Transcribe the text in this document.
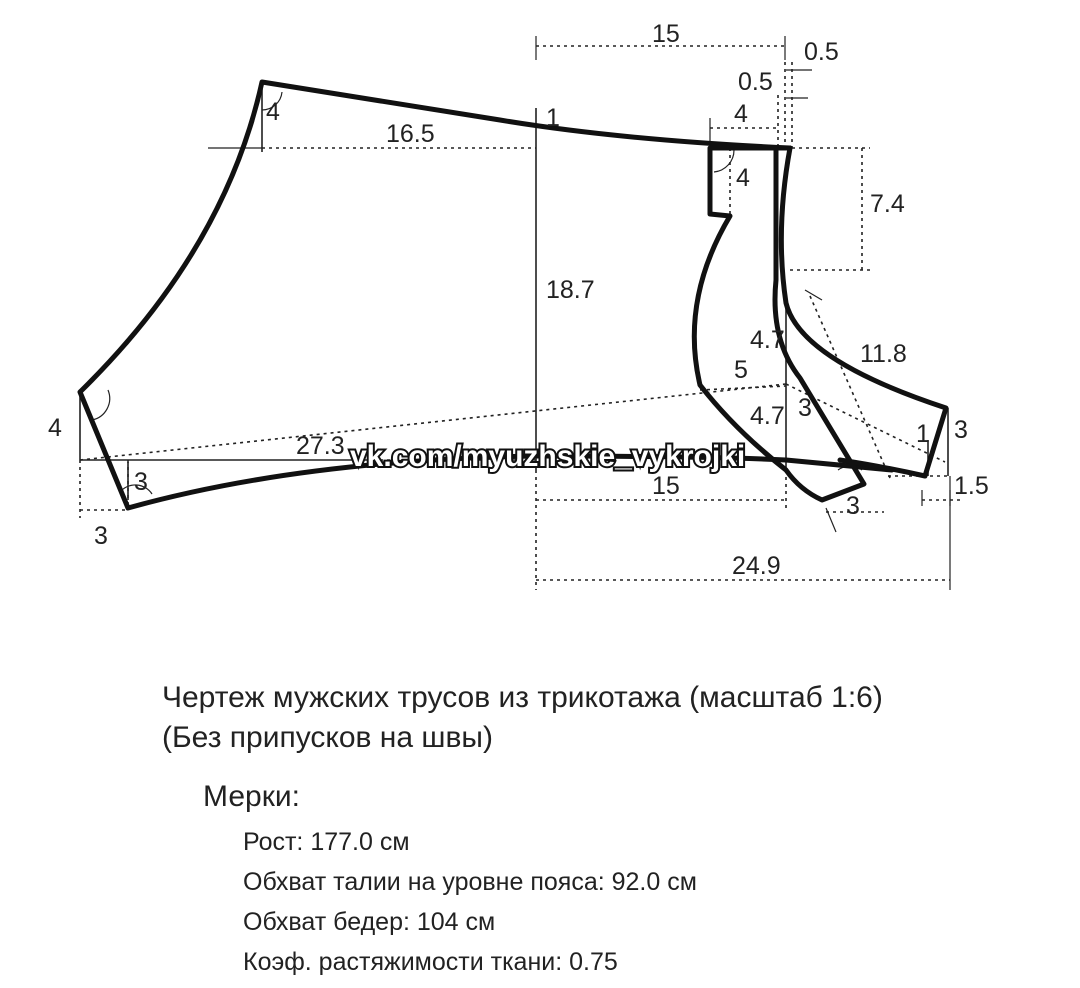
15
0.5
0.5
4
1
16.5
4
4
7.4
18.7
4.7	11.8
5
4.7 3
27.3
4
3
3
15
3
1 3
1.5
24.9
vk.com/myuzhskie_vykrojki

Чертеж мужских трусов из трикотажа (масштаб 1:6)
(Без припусков на швы)

Мерки:
Рост: 177.0 см
Обхват талии на уровне пояса: 92.0 см
Обхват бедер: 104 см
Коэф. растяжимости ткани: 0.75
